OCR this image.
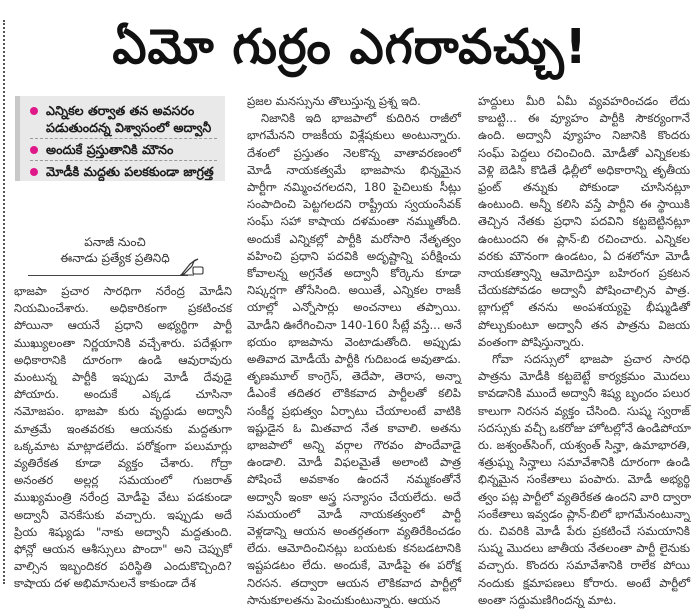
ఏమో గుర్రం ఎగరావచ్చు!
ఎన్నికల తర్వాత తన అవసరం
పడుతుందన్న విశ్వాసంలో అద్వానీ
అందుకే ప్రస్తుతానికి మౌనం
మోడీకి మద్దతు పలకకుండా జాగ్రత్త
పనాజీ నుంచి
ఈనాడు ప్రత్యేక ప్రతినిధి
భాజపా ప్రచార సారధిగా నరేంద్ర మోడీని
నియమించేశారు. అధికారికంగా ప్రకటించక
పోయినా ఆయనే ప్రధాని అభ్యర్థిగా పార్టీ
ముఖ్యులంతా నిర్ణయానికి వచ్చేశారు. పదేళ్లుగా
అధికారానికి దూరంగా ఉండి ఆవురావురు
మంటున్న పార్టీకి ఇప్పుడు మోడీ దేవుడై
పోయారు. అందుకే ఎక్కడ చూసినా
నమోజపం. భాజపా కురు వృద్ధుడు అద్వానీ
మాత్రమే ఇంతవరకు ఆయనకు మద్దతుగా
ఒక్కమాట మాట్లాడలేదు. పరోక్షంగా పలుమార్లు
వ్యతిరేకత కూడా వ్యక్తం చేశారు. గోద్రా
అనంతర అల్లర్ల సమయంలో గుజరాత్
ముఖ్యమంత్రి నరేంద్ర మోడీపై వేటు పడకుండా
అద్వానీ వెనకేసుకు వచ్చారు. ఇప్పుడు అదే
ప్రియ శిష్యుడు "నాకు అద్వానీ మద్దతుంది.
ఫోన్లో ఆయన ఆశీస్సులు పొందా" అని చెప్పుకో
వాల్సిన ఇబ్బందికర పరిస్థితి ఎందుకొచ్చింది?
కాషాయ దళ అభిమానులనే కాకుండా దేశ
ప్రజల మనస్సును తొలుస్తున్న ప్రశ్న ఇది.
నిజానికి ఇది భాజపాలో కుదిరిన రాజీలో
భాగమేనని రాజకీయ విశ్లేషకులు అంటున్నారు.
దేశంలో ప్రస్తుతం నెలకొన్న వాతావరణంలో
మోడీ నాయకత్వమే భాజపాను భిన్నమైన
పార్టీగా నమ్మించగలదని, 180 పైచిలుకు సీట్లు
సంపాదించి పెట్టగలదని రాష్ట్రీయ స్వయంసేవక్
సంఘ్ సహా కాషాయ దళమంతా నమ్ముతోంది.
అందుకే ఎన్నికల్లో పార్టీకి మరోసారి నేతృత్వం
వహించి ప్రధాని పదవికి అదృష్టాన్ని పరీక్షించు
కోవాలన్న అగ్రనేత అద్వానీ కోర్కెను కూడా
నిష్కర్షగా తోసేసింది. అయితే, ఎన్నికల రాజకీ
యాల్లో ఎన్నోసార్లు అంచనాలు తప్పాయి.
మోడీని ఊరేగించినా 140-160 సీట్లే వస్తే... అనే
భయం భాజపాను వెంటాడుతోంది. అప్పుడు
అతివాద మోడీయే పార్టీకి గుదిబండ అవుతాడు.
తృణమూల్ కాంగ్రెస్, తెదేపా, తెరాస, అన్నా
డీఎంకే తదితర లౌకికవాద పార్టీలతో కలిపి
సంకీర్ణ ప్రభుత్వం ఏర్పాటు చేయాలంటే వాటికి
ఇష్టుడైన ఓ మితవాద నేత కావాలి. అతను
భాజపాలో అన్ని వర్గాల గౌరవం పొందేవాడై
ఉండాలి. మోడీ విఫలమైతే అలాంటి పాత్ర
పోషించే అవకాశం ఉందనే నమ్మకంతోనే
అద్వానీ ఇంకా అస్త్ర సన్యాసం చేయలేదు. అదే
సమయంలో మోడీ నాయకత్వంలో పార్టీ
వెళ్లడాన్ని ఆయన అంతర్గతంగా వ్యతిరేకించడం
లేదు. ఆమోదించినట్లు బయటకు కనబడటానికి
ఇష్టపడటం లేదు. అందుకే, మోడీపై ఈ పరోక్ష
నిరసన. తద్వారా ఆయన లౌకికవాద పార్టీల్లో
సానుకూలతను పెంచుకుంటున్నారు. ఆయన
హద్దులు మీరి ఏమీ వ్యవహరించడం లేదు
కాబట్టి... ఈ వ్యూహం పార్టీకి సౌకర్యంగానే
ఉంది. అద్వానీ వ్యూహం నిజానికి కొందరు
సంఘ్ పెద్దలు రచించింది. మోడీతో ఎన్నికలకు
వెళ్లి బెడిసి కొడితే ఢిల్లీలో అధికారాన్ని తృతీయ
ఫ్రంట్ తన్నుకు పోకుండా చూసినట్లూ
ఉంటుంది. అన్నీ కలిసి వస్తే పార్టీని ఈ స్థాయికి
తెచ్చిన నేతకు ప్రధాని పదవిని కట్టబెట్టినట్లూ
ఉంటుందని ఈ ప్లాన్-బి రచించారు. ఎన్నికల
వరకు మౌనంగా ఉండటం, ఏ దశలోనూ మోడీ
నాయకత్వాన్ని ఆమోదిస్తూ బహిరంగ ప్రకటన
చేయకపోవడం అద్వానీ పోషించాల్సిన పాత్ర.
బ్లాగుల్లో తనను అంపశయ్యపై భీష్ముడితో
పోల్చుకుంటూ అద్వానీ తన పాత్రను విజయ
వంతంగా పోషిస్తున్నారు.
గోవా సదస్సులో భాజపా ప్రచార సారధి
పాత్రను మోడీకి కట్టబెట్టే కార్యక్రమం మొదలు
కావడానికి ముందే అద్వానీ శిష్య బృందం పలుర
కాలుగా నిరసన వ్యక్తం చేసింది. సుష్మ స్వరాజ్
సదస్సుకు వచ్చీ ఒకరోజు హోటల్లోనే ఉండిపోయా
రు. జశ్వంత్‌సింగ్, యశ్వంత్ సిన్హా, ఉమాభారతి,
శత్రుఘ్న సిన్హాలు సమావేశానికి దూరంగా ఉండి
భిన్నమైన సంకేతాలు పంపారు. మోడీ అభ్యర్థి
త్వం పట్ల పార్టీలో వ్యతిరేకత ఉందని వారి ద్వారా
సంకేతాలు ఇవ్వడం ప్లాన్-బిలో భాగమేనంటున్నా
రు. చివరికి మోడీ పేరు ప్రకటించే సమయానికి
సుష్మ మొదలు జాతీయ నేతలంతా పార్టీ లైనుకు
వచ్చారు. కొందరు సమావేశానికి రాలేక పోయి
నందుకు క్షమాపణలు కోరారు. అంటే పార్టీలో
అంతా సద్దుమణిగిందన్న మాట.
